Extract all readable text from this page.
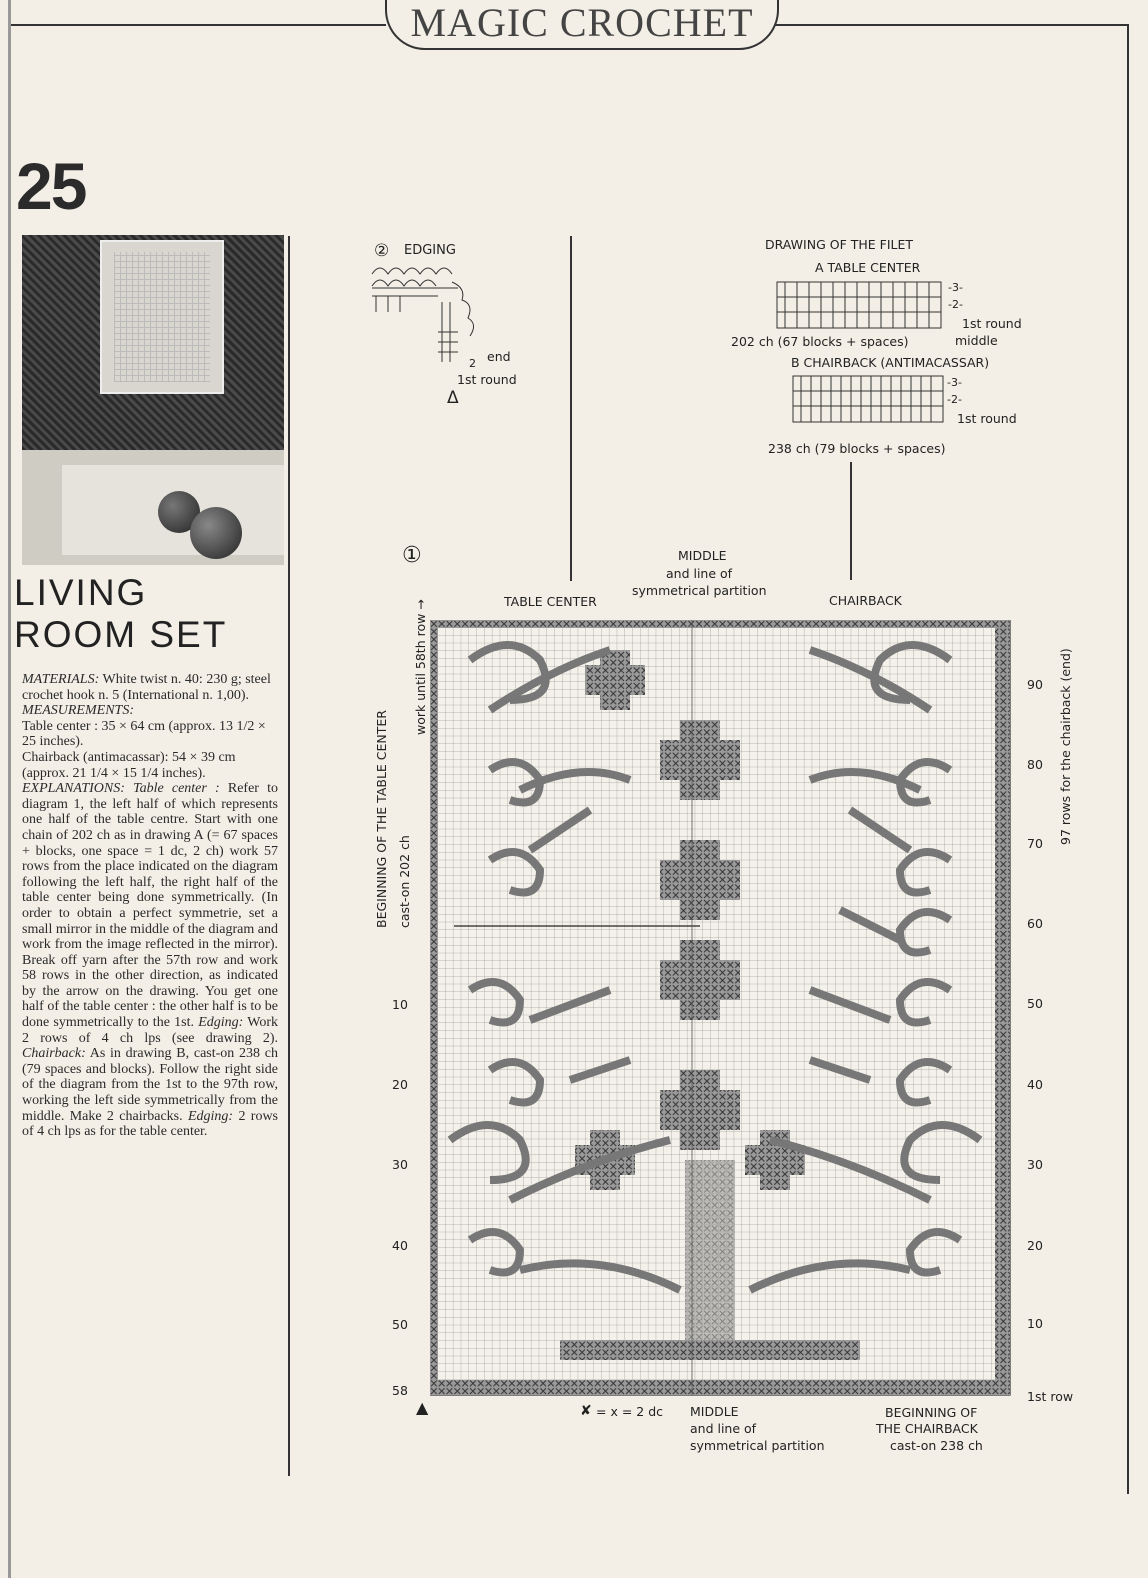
MAGIC CROCHET
25
LIVING
ROOM SET

MATERIALS: White twist n. 40: 230 g; steel crochet hook n. 5 (International n. 1,00).

MEASUREMENTS:

Table center : 35 × 64 cm (approx. 13 1/2 × 25 inches).

Chairback (antimacassar): 54 × 39 cm (approx. 21 1/4 × 15 1/4 inches).

EXPLANATIONS: Table center : Refer to diagram 1, the left half of which represents one half of the table centre. Start with one chain of 202 ch as in drawing A (= 67 spaces + blocks, one space = 1 dc, 2 ch) work 57 rows from the place indicated on the diagram following the left half, the right half of the table center being done symmetrically. (In order to obtain a perfect symmetrie, set a small mirror in the middle of the diagram and work from the image reflected in the mirror). Break off yarn after the 57th row and work 58 rows in the other direction, as indicated by the arrow on the drawing. You get one half of the table center : the other half is to be done symmetrically to the 1st. Edging: Work 2 rows of 4 ch lps (see drawing 2). Chairback: As in drawing B, cast-on 238 ch (79 spaces and blocks). Follow the right side of the diagram from the 1st to the 97th row, working the left side symmetrically from the middle. Make 2 chairbacks. Edging: 2 rows of 4 ch lps as for the table center.

② EDGING
2 end
1st round
Δ
DRAWING OF THE FILET
A TABLE CENTER
-3-
-2-
1st round
middle
202 ch (67 blocks + spaces)
B CHAIRBACK (ANTIMACASSAR)
-3-
-2-
1st round
238 ch (79 blocks + spaces)
①	MIDDLE
and line of
symmetrical partition
TABLE CENTER	CHAIRBACK
BEGINNING OF THE TABLE CENTER cast-on 202 ch
work until 58th row →	97 rows for the chairback (end)
10
20
30
40
50
58
90
80
70
60
50
40
30
20
10
1st row
▲	✘ = x = 2 dc MIDDLE
and line of
symmetrical partition
BEGINNING OF
THE CHAIRBACK
cast-on 238 ch
